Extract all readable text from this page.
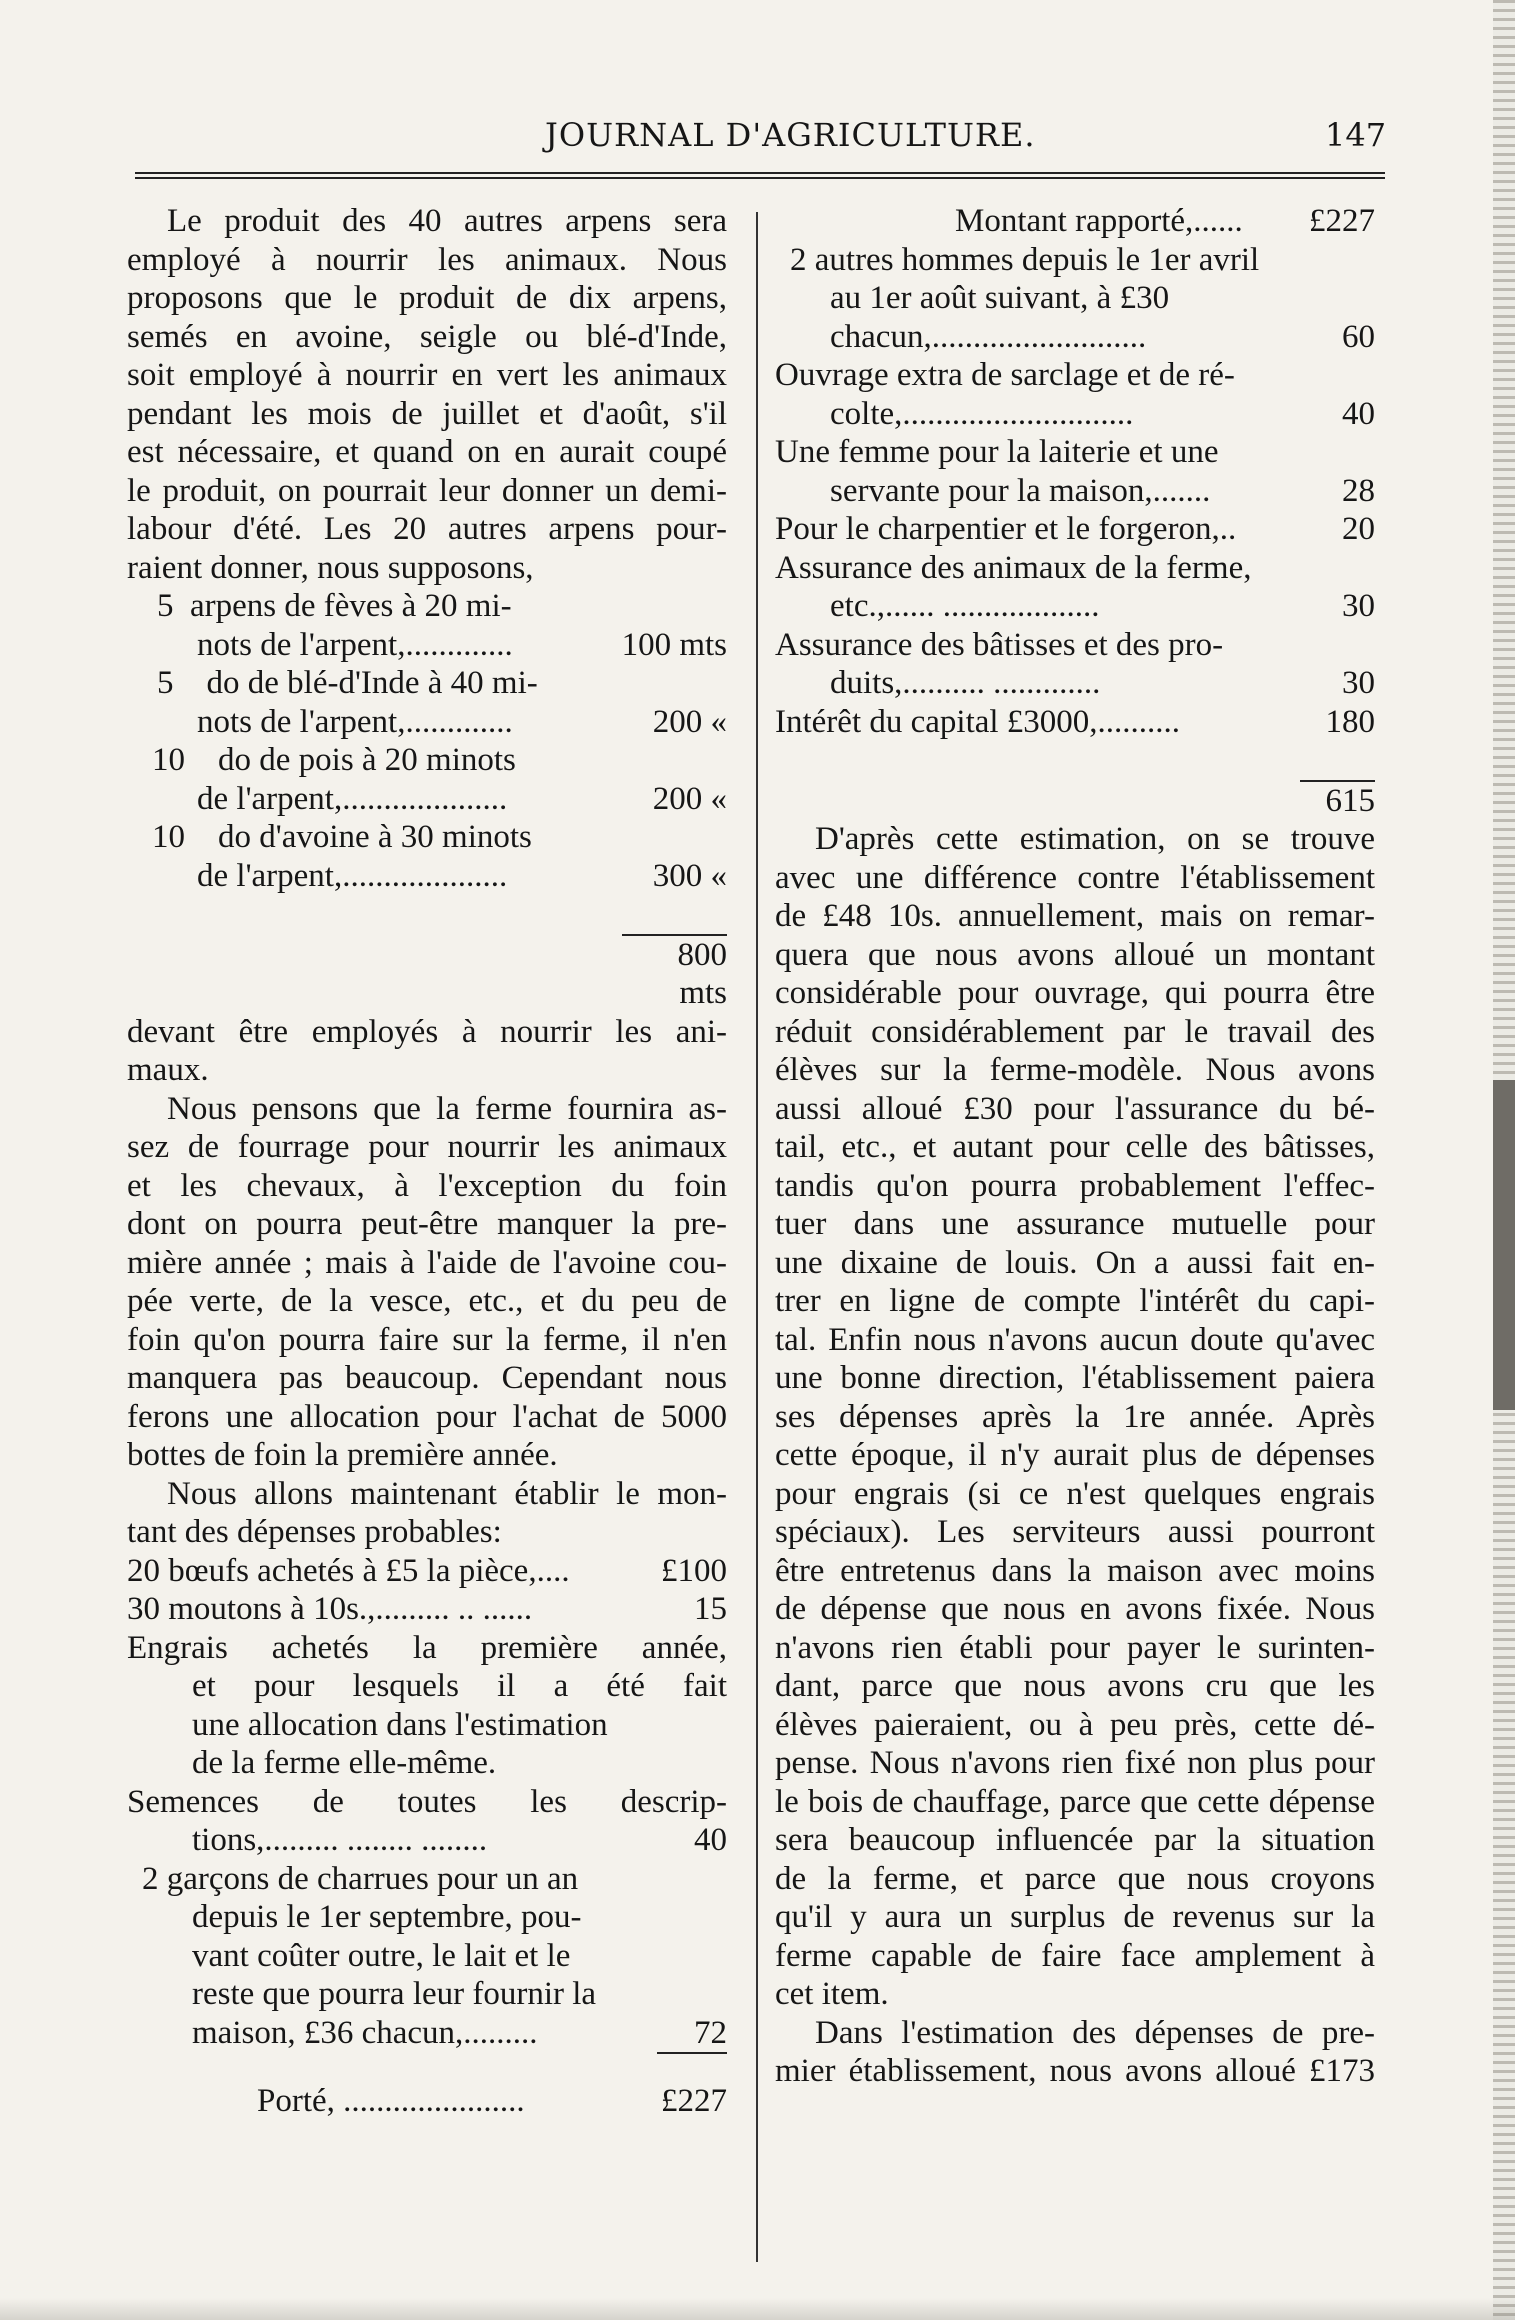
JOURNAL D'AGRICULTURE.	147
Le produit des 40 autres arpens sera
employé à nourrir les animaux. Nous
proposons que le produit de dix arpens,
semés en avoine, seigle ou blé-d'Inde,
soit employé à nourrir en vert les animaux
pendant les mois de juillet et d'août, s'il
est nécessaire, et quand on en aurait coupé
le produit, on pourrait leur donner un demi-
labour d'été. Les 20 autres arpens pour-
raient donner, nous supposons,
5 arpens de fèves à 20 mi-
nots de l'arpent,.............	100 mts
5 do de blé-d'Inde à 40 mi-
nots de l'arpent,.............	200 «
10 do de pois à 20 minots
de l'arpent,....................	200 «
10 do d'avoine à 30 minots
de l'arpent,....................	300 «
800 mts
devant être employés à nourrir les ani-
maux.
Nous pensons que la ferme fournira as-
sez de fourrage pour nourrir les animaux
et les chevaux, à l'exception du foin
dont on pourra peut-être manquer la pre-
mière année ; mais à l'aide de l'avoine cou-
pée verte, de la vesce, etc., et du peu de
foin qu'on pourra faire sur la ferme, il n'en
manquera pas beaucoup. Cependant nous
ferons une allocation pour l'achat de 5000
bottes de foin la première année.
Nous allons maintenant établir le mon-
tant des dépenses probables:
20 bœufs achetés à £5 la pièce,....	£100
30 moutons à 10s.,......... .. ......	15
Engrais achetés la première année,
et pour lesquels il a été fait
une allocation dans l'estimation
de la ferme elle-même.
Semences de toutes les descrip-
tions,......... ........ ........	40
2 garçons de charrues pour un an
depuis le 1er septembre, pou-
vant coûter outre, le lait et le
reste que pourra leur fournir la
maison, £36 chacun,.........	72
Porté, ......................	£227
Montant rapporté,......	£227
2 autres hommes depuis le 1er avril
au 1er août suivant, à £30
chacun,..........................	60
Ouvrage extra de sarclage et de ré-
colte,............................	40
Une femme pour la laiterie et une
servante pour la maison,.......	28
Pour le charpentier et le forgeron,..	20
Assurance des animaux de la ferme,
etc.,...... ...................	30
Assurance des bâtisses et des pro-
duits,.......... .............	30
Intérêt du capital £3000,..........	180
615
D'après cette estimation, on se trouve
avec une différence contre l'établissement
de £48 10s. annuellement, mais on remar-
quera que nous avons alloué un montant
considérable pour ouvrage, qui pourra être
réduit considérablement par le travail des
élèves sur la ferme-modèle. Nous avons
aussi alloué £30 pour l'assurance du bé-
tail, etc., et autant pour celle des bâtisses,
tandis qu'on pourra probablement l'effec-
tuer dans une assurance mutuelle pour
une dixaine de louis. On a aussi fait en-
trer en ligne de compte l'intérêt du capi-
tal. Enfin nous n'avons aucun doute qu'avec
une bonne direction, l'établissement paiera
ses dépenses après la 1re année. Après
cette époque, il n'y aurait plus de dépenses
pour engrais (si ce n'est quelques engrais
spéciaux). Les serviteurs aussi pourront
être entretenus dans la maison avec moins
de dépense que nous en avons fixée. Nous
n'avons rien établi pour payer le surinten-
dant, parce que nous avons cru que les
élèves paieraient, ou à peu près, cette dé-
pense. Nous n'avons rien fixé non plus pour
le bois de chauffage, parce que cette dépense
sera beaucoup influencée par la situation
de la ferme, et parce que nous croyons
qu'il y aura un surplus de revenus sur la
ferme capable de faire face amplement à
cet item.
Dans l'estimation des dépenses de pre-
mier établissement, nous avons alloué £173
